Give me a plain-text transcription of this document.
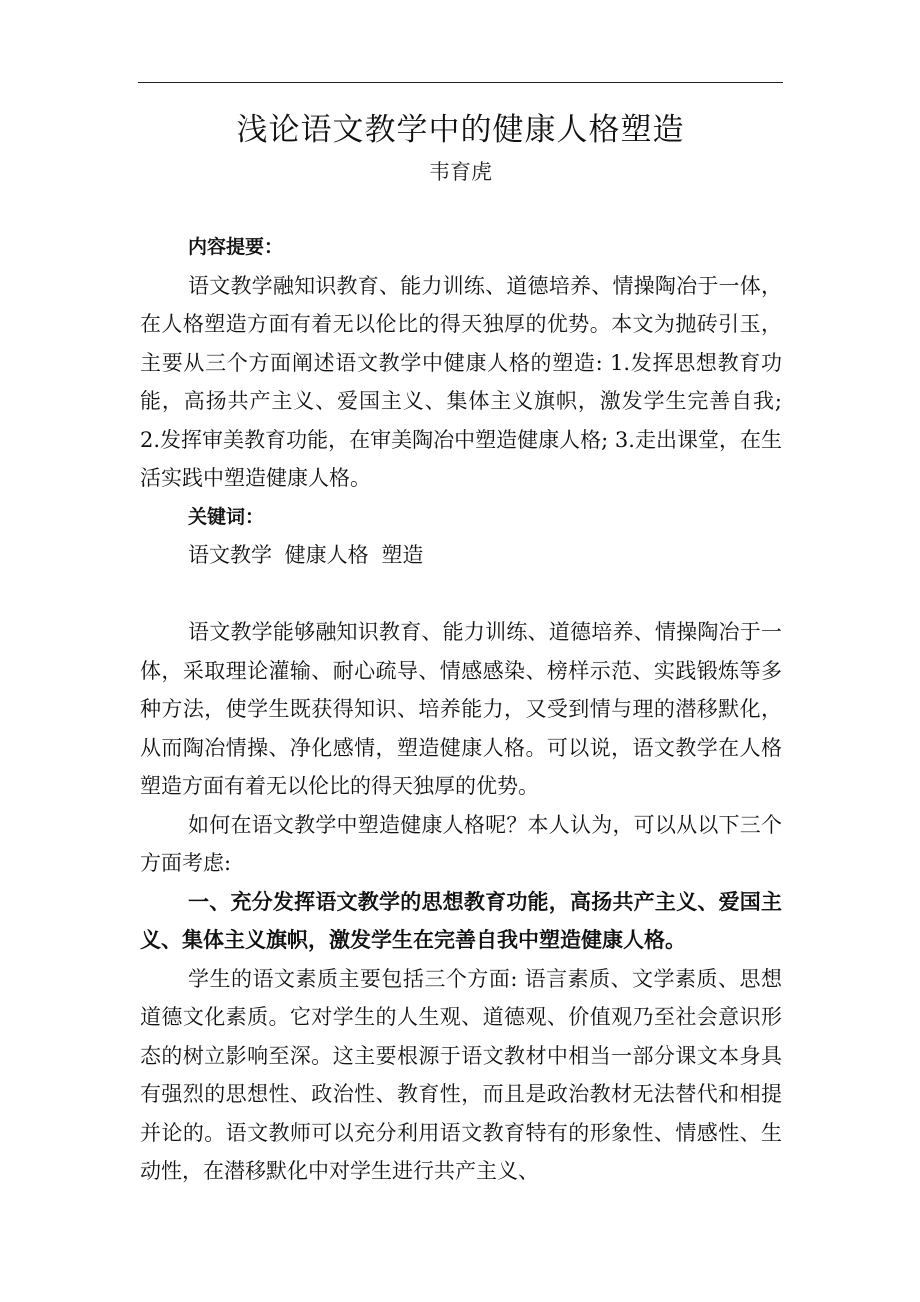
浅论语文教学中的健康人格塑造
韦育虎

内容提要：

语文教学融知识教育、能力训练、道德培养、情操陶冶于一体，在人格塑造方面有着无以伦比的得天独厚的优势。本文为抛砖引玉，主要从三个方面阐述语文教学中健康人格的塑造: 1.发挥思想教育功能，高扬共产主义、爱国主义、集体主义旗帜，激发学生完善自我; 2.发挥审美教育功能，在审美陶冶中塑造健康人格; 3.走出课堂，在生活实践中塑造健康人格。

关键词：

语文教学 健康人格 塑造

语文教学能够融知识教育、能力训练、道德培养、情操陶冶于一体，采取理论灌输、耐心疏导、情感感染、榜样示范、实践锻炼等多种方法，使学生既获得知识、培养能力，又受到情与理的潜移默化，从而陶冶情操、净化感情，塑造健康人格。可以说，语文教学在人格塑造方面有着无以伦比的得天独厚的优势。

如何在语文教学中塑造健康人格呢？本人认为，可以从以下三个方面考虑:

一、充分发挥语文教学的思想教育功能，高扬共产主义、爱国主义、集体主义旗帜，激发学生在完善自我中塑造健康人格。

学生的语文素质主要包括三个方面: 语言素质、文学素质、思想道德文化素质。它对学生的人生观、道德观、价值观乃至社会意识形态的树立影响至深。这主要根源于语文教材中相当一部分课文本身具有强烈的思想性、政治性、教育性，而且是政治教材无法替代和相提并论的。语文教师可以充分利用语文教育特有的形象性、情感性、生动性，在潜移默化中对学生进行共产主义、
